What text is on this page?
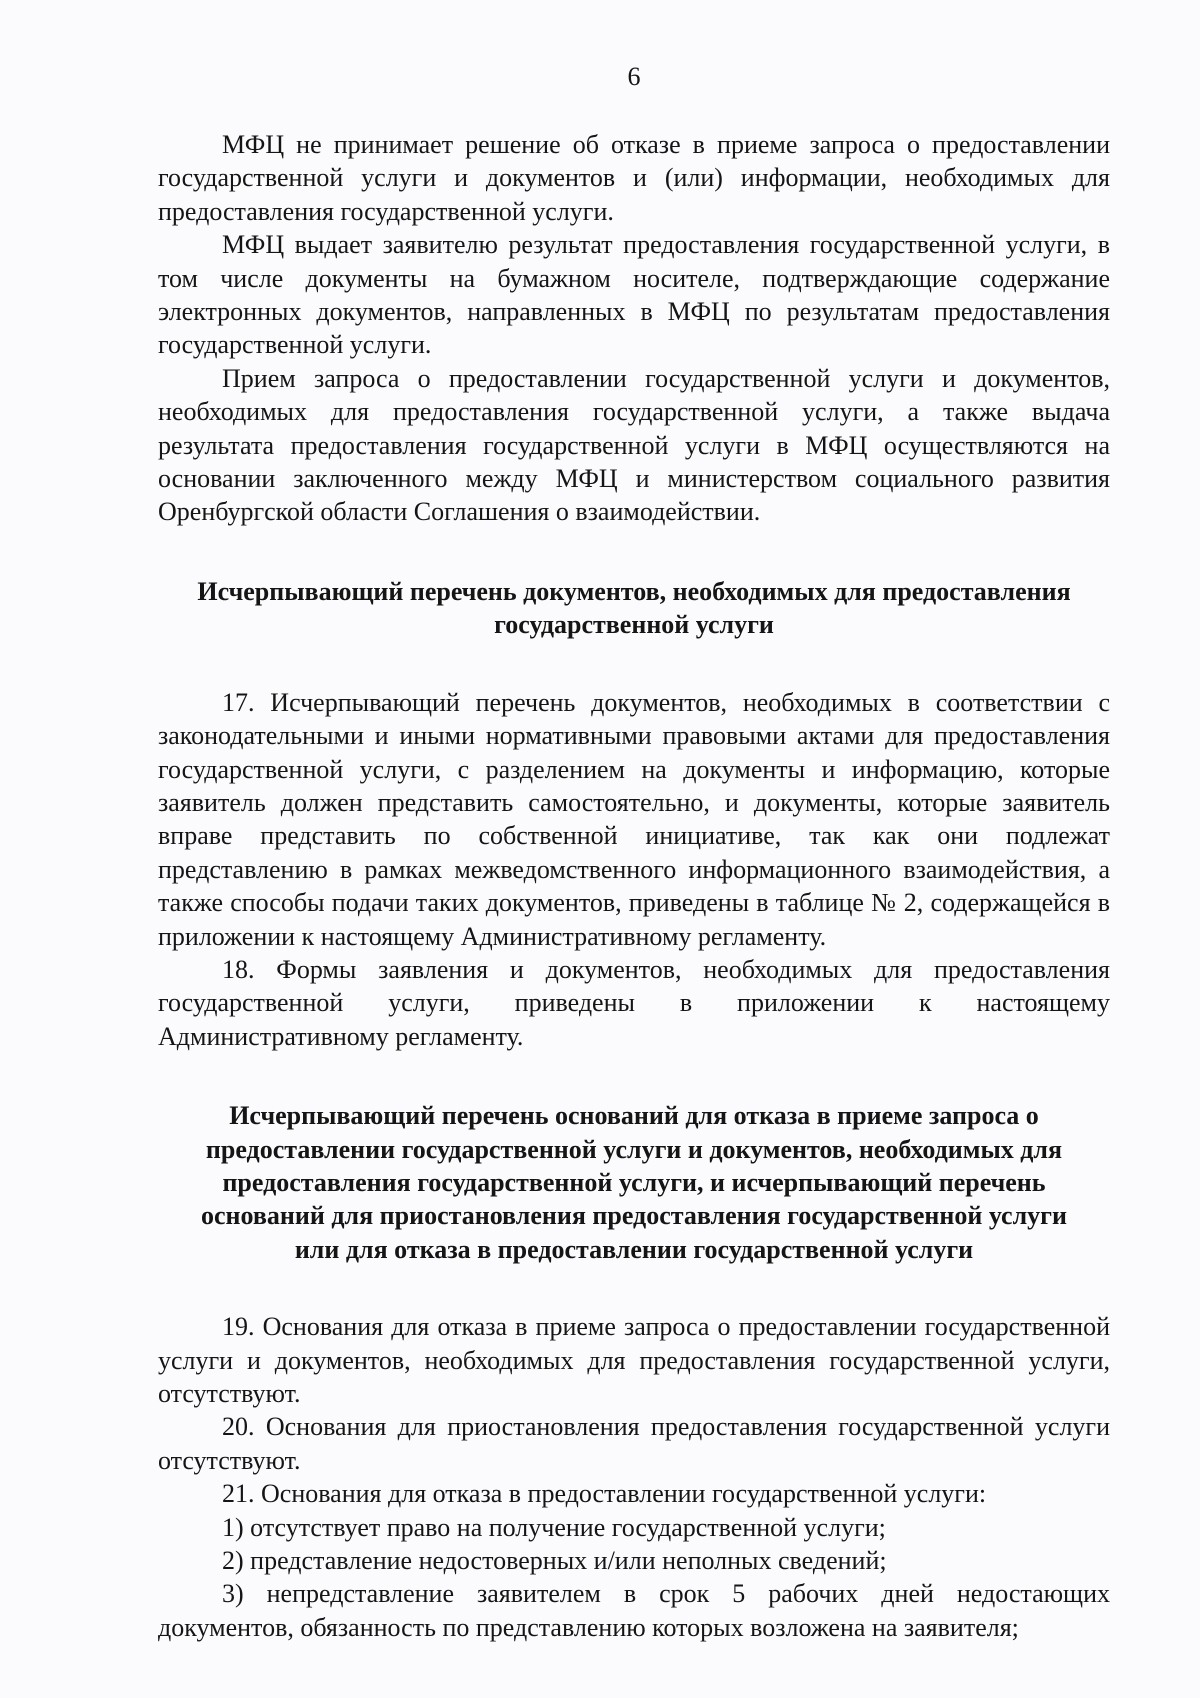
6

МФЦ не принимает решение об отказе в приеме запроса о предоставлении государственной услуги и документов и (или) информации, необходимых для предоставления государственной услуги.

МФЦ выдает заявителю результат предоставления государственной услуги, в том числе документы на бумажном носителе, подтверждающие содержание электронных документов, направленных в МФЦ по результатам предоставления государственной услуги.

Прием запроса о предоставлении государственной услуги и документов, необходимых для предоставления государственной услуги, а также выдача результата предоставления государственной услуги в МФЦ осуществляются на основании заключенного между МФЦ и министерством социального развития Оренбургской области Соглашения о взаимодействии.

Исчерпывающий перечень документов, необходимых для предоставления
государственной услуги

17. Исчерпывающий перечень документов, необходимых в соответствии с законодательными и иными нормативными правовыми актами для предоставления государственной услуги, с разделением на документы и информацию, которые заявитель должен представить самостоятельно, и документы, которые заявитель вправе представить по собственной инициативе, так как они подлежат представлению в рамках межведомственного информационного взаимодействия, а также способы подачи таких документов, приведены в таблице № 2, содержащейся в приложении к настоящему Административному регламенту.

18. Формы заявления и документов, необходимых для предоставления государственной услуги, приведены в приложении к настоящему Административному регламенту.

Исчерпывающий перечень оснований для отказа в приеме запроса о
предоставлении государственной услуги и документов, необходимых для
предоставления государственной услуги, и исчерпывающий перечень
оснований для приостановления предоставления государственной услуги
или для отказа в предоставлении государственной услуги

19. Основания для отказа в приеме запроса о предоставлении государственной услуги и документов, необходимых для предоставления государственной услуги, отсутствуют.

20. Основания для приостановления предоставления государственной услуги отсутствуют.

21. Основания для отказа в предоставлении государственной услуги:

1) отсутствует право на получение государственной услуги;

2) представление недостоверных и/или неполных сведений;

3) непредставление заявителем в срок 5 рабочих дней недостающих документов, обязанность по представлению которых возложена на заявителя;
